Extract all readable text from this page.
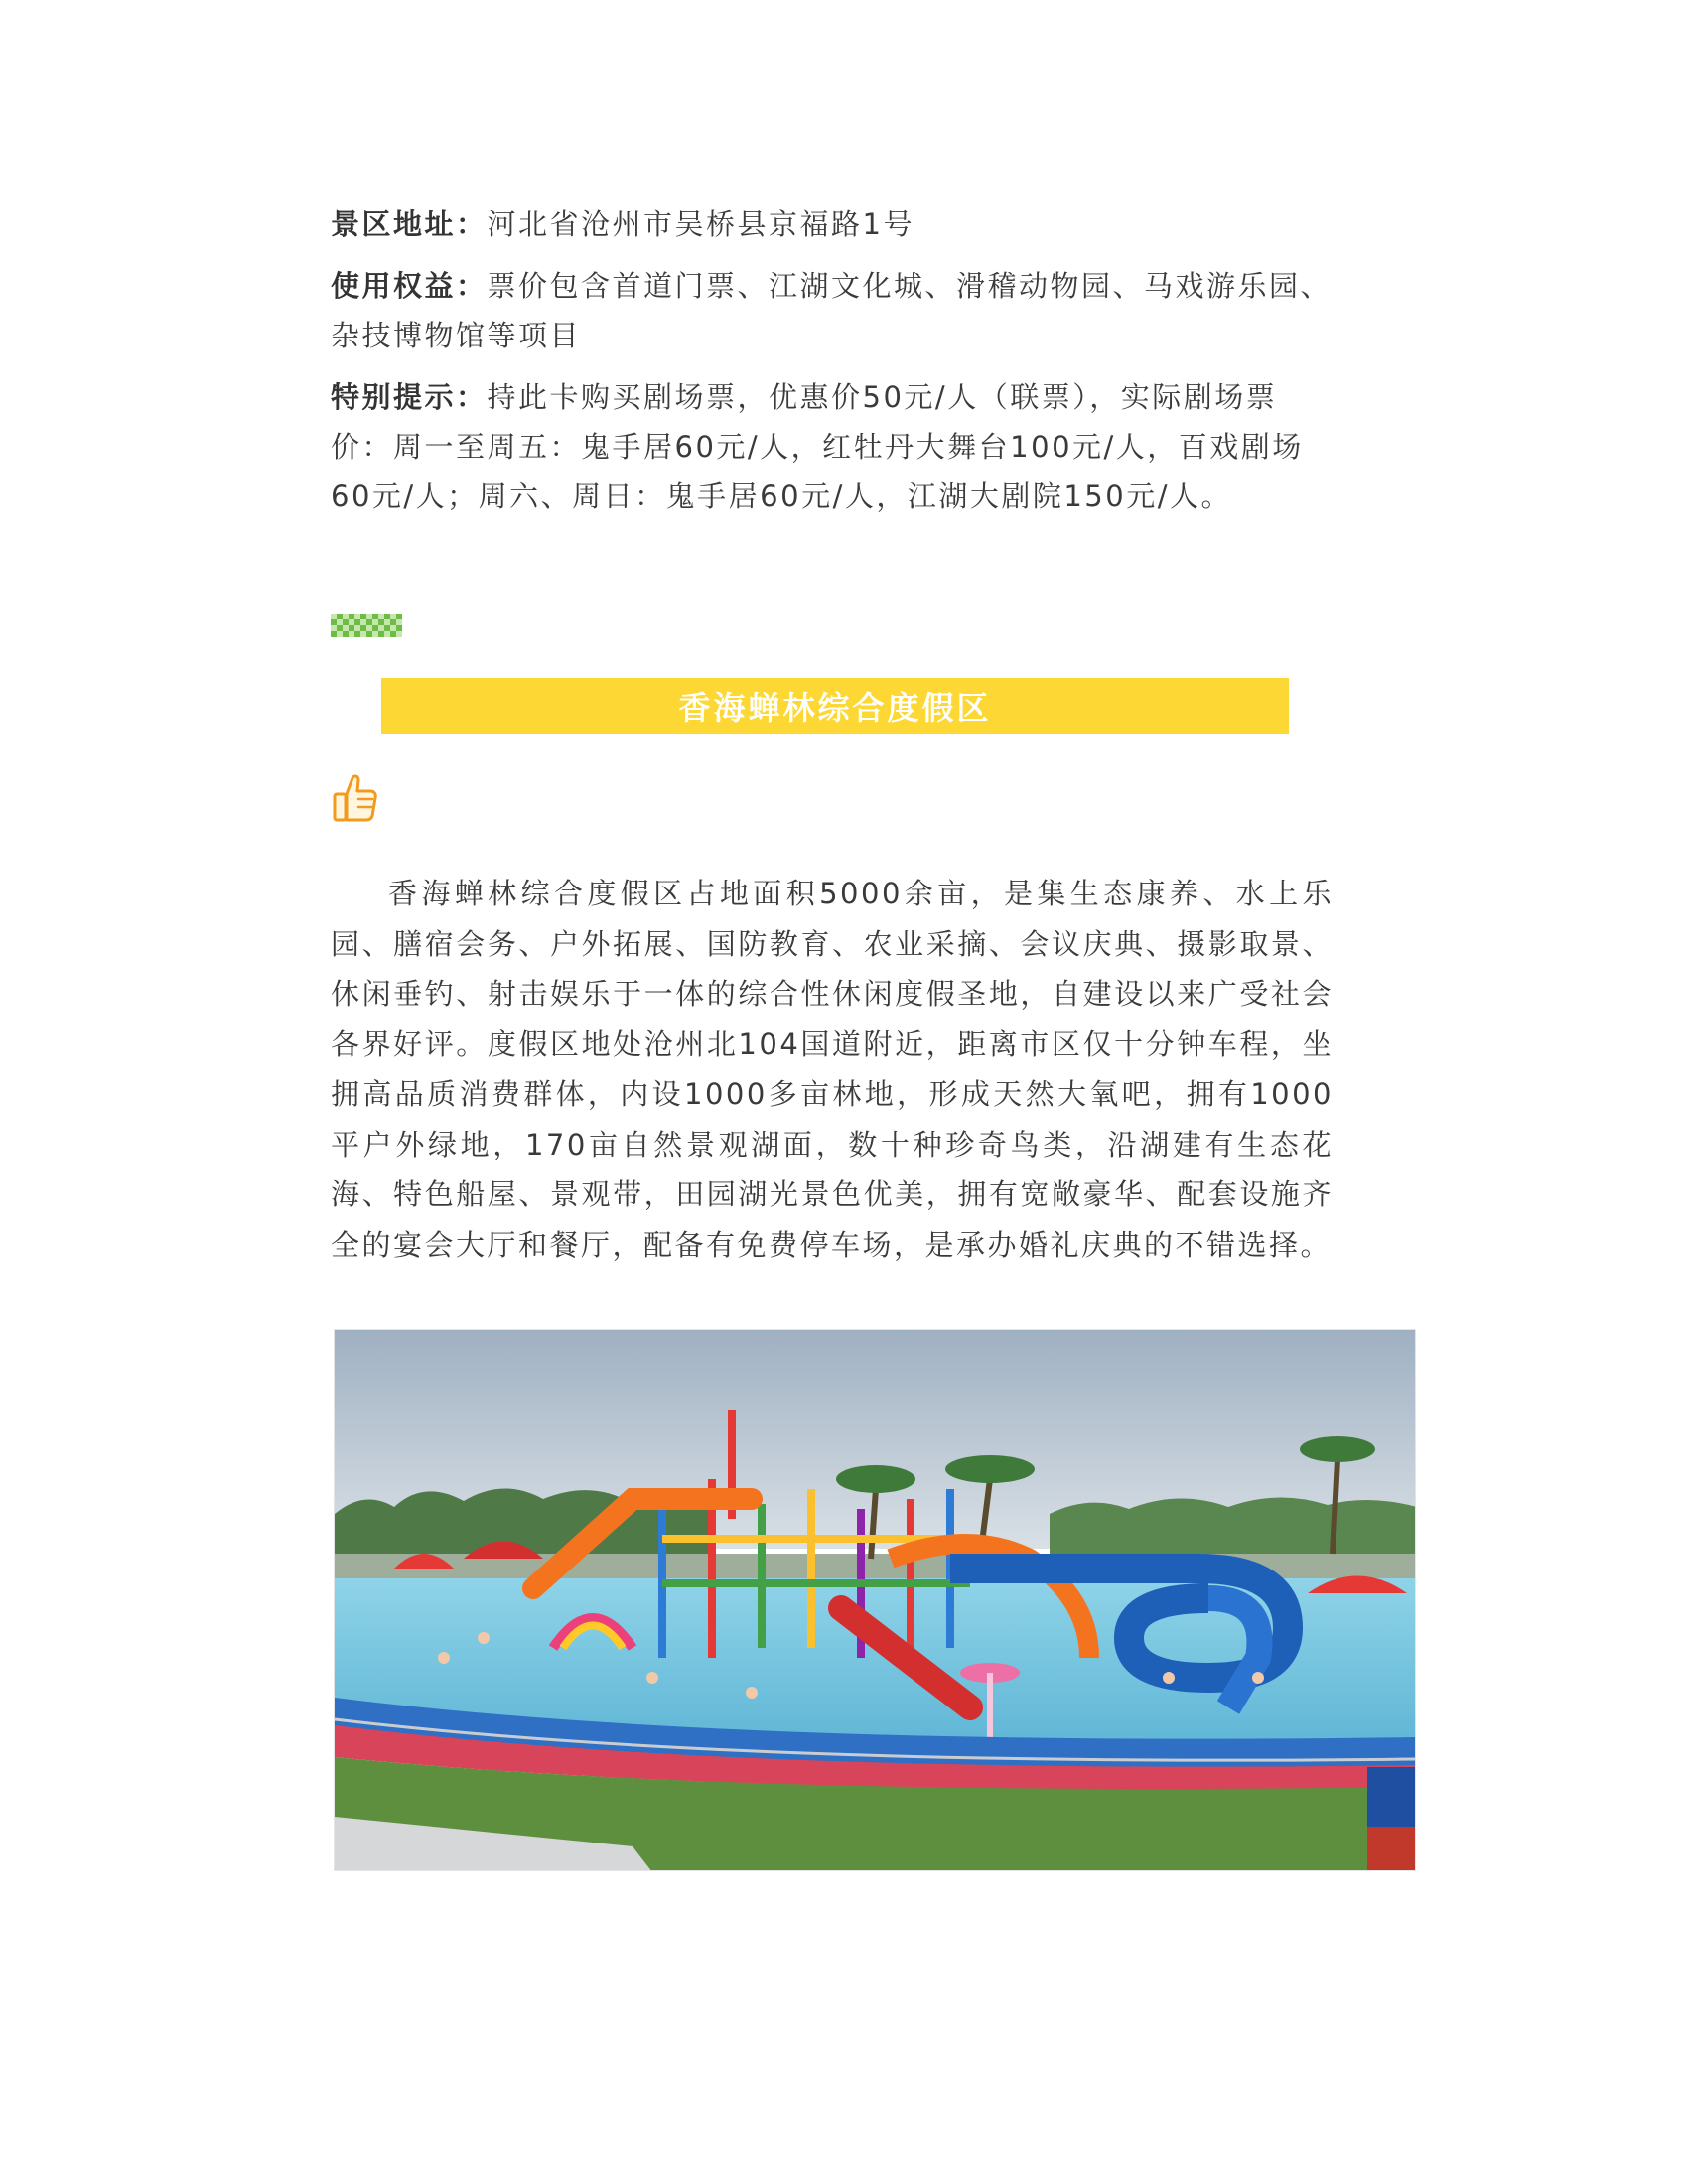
景区地址：河北省沧州市吴桥县京福路1号
使用权益：票价包含首道门票、江湖文化城、滑稽动物园、马戏游乐园、杂技博物馆等项目
特别提示：持此卡购买剧场票，优惠价50元/人（联票），实际剧场票价：周一至周五：鬼手居60元/人，红牡丹大舞台100元/人，百戏剧场60元/人；周六、周日：鬼手居60元/人，江湖大剧院150元/人。
香海蝉林综合度假区
香海蝉林综合度假区占地面积5000余亩，是集生态康养、水上乐园、膳宿会务、户外拓展、国防教育、农业采摘、会议庆典、摄影取景、休闲垂钓、射击娱乐于一体的综合性休闲度假圣地，自建设以来广受社会各界好评。度假区地处沧州北104国道附近，距离市区仅十分钟车程，坐拥高品质消费群体，内设1000多亩林地，形成天然大氧吧，拥有1000平户外绿地，170亩自然景观湖面，数十种珍奇鸟类，沿湖建有生态花海、特色船屋、景观带，田园湖光景色优美，拥有宽敞豪华、配套设施齐全的宴会大厅和餐厅，配备有免费停车场，是承办婚礼庆典的不错选择。
